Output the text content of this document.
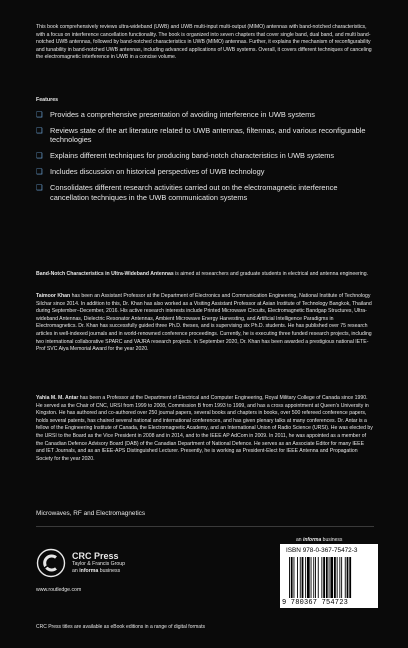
This book comprehensively reviews ultra-wideband (UWB) and UWB multi-input multi-output (MIMO) antennas with band-notched characteristics, with a focus on interference cancellation functionality. The book is organized into seven chapters that cover single band, dual band, and multi band-notched UWB antennas, followed by band-notched characteristics in UWB (MIMO) antennas. Further, it explains the mechanism of reconfigurability and tunability in band-notched UWB antennas, including advanced applications of UWB systems. Overall, it covers different techniques of canceling the electromagnetic interference in UWB in a concise volume.
Features
❑ Provides a comprehensive presentation of avoiding interference in UWB systems
❑ Reviews state of the art literature related to UWB antennas, filtennas, and various reconfigurable technologies
❑ Explains different techniques for producing band-notch characteristics in UWB systems
❑ Includes discussion on historical perspectives of UWB technology
❑ Consolidates different research activities carried out on the electromagnetic interference cancellation techniques in the UWB communication systems
Band-Notch Characteristics in Ultra-Wideband Antennas is aimed at researchers and graduate students in electrical and antenna engineering.
Taimoor Khan has been an Assistant Professor at the Department of Electronics and Communication Engineering, National Institute of Technology Silchar since 2014. In addition to this, Dr. Khan has also worked as a Visiting Assistant Professor at Asian Institute of Technology Bangkok, Thailand during September–December, 2016. His active research interests include Printed Microwave Circuits, Electromagnetic Bandgap Structures, Ultra-wideband Antennas, Dielectric Resonator Antennas, Ambient Microwave Energy Harvesting, and Artificial Intelligence Paradigms in Electromagnetics. Dr. Khan has successfully guided three Ph.D. theses, and is supervising six Ph.D. students. He has published over 75 research articles in well-indexed journals and in world-renowned conference proceedings. Currently, he is executing three funded research projects, including two international collaborative SPARC and VAJRA research projects. In September 2020, Dr. Khan has been awarded a prestigious national IETE-Prof SVC Aiya Memorial Award for the year 2020.
Yahia M. M. Antar has been a Professor at the Department of Electrical and Computer Engineering, Royal Military College of Canada since 1990. He served as the Chair of CNC, URSI from 1999 to 2008, Commission B from 1993 to 1999, and has a cross appointment at Queen's University in Kingston. He has authored and co-authored over 250 journal papers, several books and chapters in books, over 500 refereed conference papers, holds several patents, has chaired several national and international conferences, and has given plenary talks at many conferences. Dr. Antar is a fellow of the Engineering Institute of Canada, the Electromagnetic Academy, and an International Union of Radio Science (URSI). He was elected by the URSI to the Board as the Vice President in 2008 and in 2014, and to the IEEE AP AdCom in 2009. In 2011, he was appointed as a member of the Canadian Defence Advisory Board (DAB) of the Canadian Department of National Defence. He serves as an Associate Editor for many IEEE and IET Journals, and as an IEEE-APS Distinguished Lecturer. Presently, he is working as President-Elect for IEEE Antenna and Propagation Society for the year 2020.
Microwaves, RF and Electromagnetics
CRC Press
Taylor & Francis Group
an informa business
www.routledge.com
an informa business
ISBN 978-0-367-75472-3
9 780367 754723
CRC Press titles are available as eBook editions in a range of digital formats
